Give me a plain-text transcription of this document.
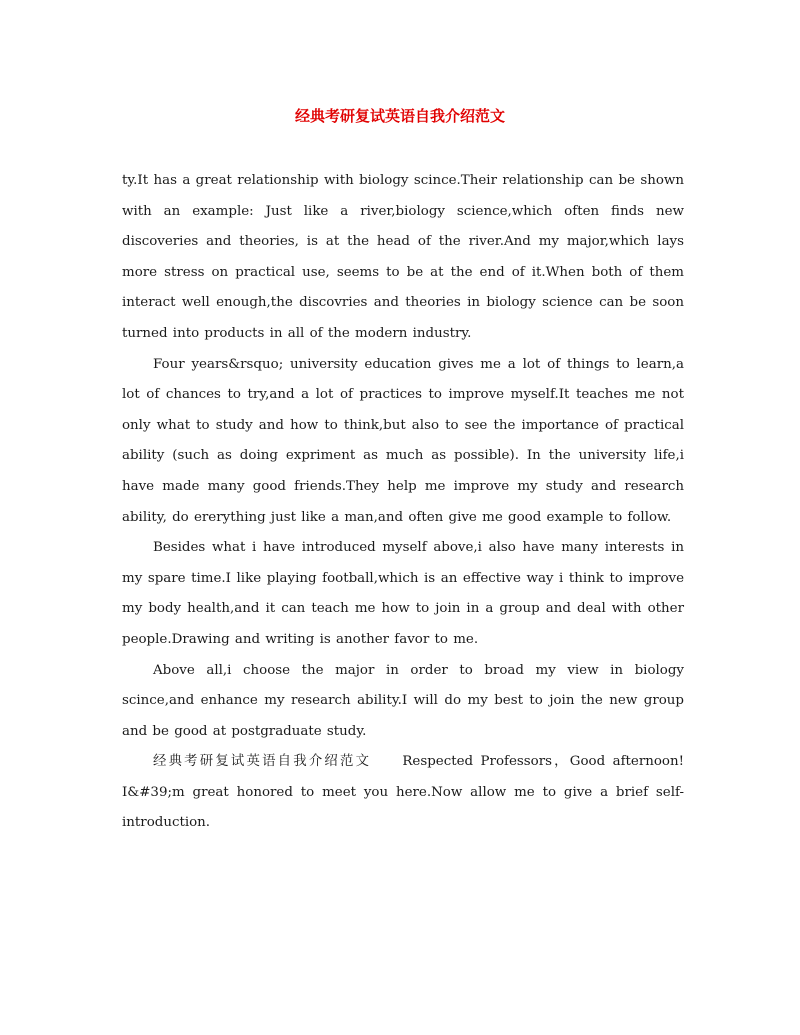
经典考研复试英语自我介绍范文

ty.It has a great relationship with biology scince.Their relationship can be shown with an example: Just like a river,biology science,which often finds new discoveries and theories, is at the head of the river.And my major,which lays more stress on practical use, seems to be at the end of it.When both of them interact well enough,the discovries and theories in biology science can be soon turned into products in all of the modern industry.

Four years&rsquo; university education gives me a lot of things to learn,a lot of chances to try,and a lot of practices to improve myself.It teaches me not only what to study and how to think,but also to see the importance of practical ability (such as doing expriment as much as possible). In the university life,i have made many good friends.They help me improve my study and research ability, do ererything just like a man,and often give me good example to follow.

Besides what i have introduced myself above,i also have many interests in my spare time.I like playing football,which is an effective way i think to improve my body health,and it can teach me how to join in a group and deal with other people.Drawing and writing is another favor to me.

Above all,i choose the major in order to broad my view in biology scince,and enhance my research ability.I will do my best to join the new group and be good at postgraduate study.

经典考研复试英语自我介绍范文　　Respected Professors，Good afternoon! I&#39;m great honored to meet you here.Now allow me to give a brief self-introduction.
